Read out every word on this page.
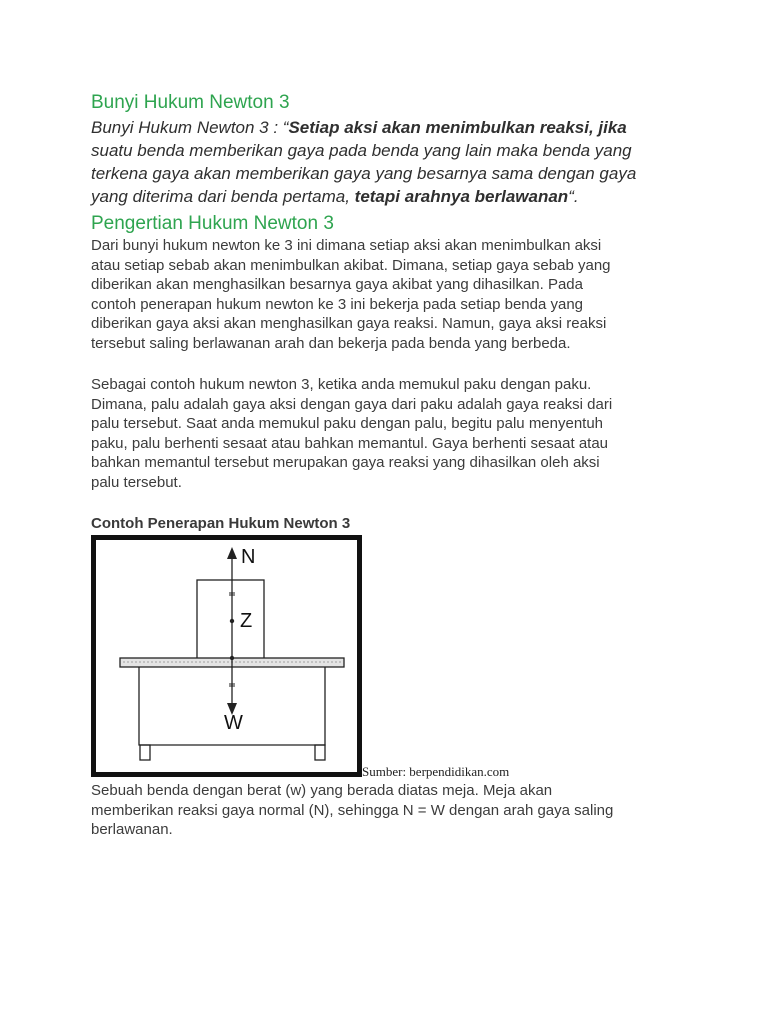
Bunyi Hukum Newton 3

Bunyi Hukum Newton 3 : “Setiap aksi akan menimbulkan reaksi, jika
suatu benda memberikan gaya pada benda yang lain maka benda yang
terkena gaya akan memberikan gaya yang besarnya sama dengan gaya
yang diterima dari benda pertama, tetapi arahnya berlawanan“.

Pengertian Hukum Newton 3

Dari bunyi hukum newton ke 3 ini dimana setiap aksi akan menimbulkan aksi
atau setiap sebab akan menimbulkan akibat. Dimana, setiap gaya sebab yang
diberikan akan menghasilkan besarnya gaya akibat yang dihasilkan. Pada
contoh penerapan hukum newton ke 3 ini bekerja pada setiap benda yang
diberikan gaya aksi akan menghasilkan gaya reaksi. Namun, gaya aksi reaksi
tersebut saling berlawanan arah dan bekerja pada benda yang berbeda.

Sebagai contoh hukum newton 3, ketika anda memukul paku dengan paku.
Dimana, palu adalah gaya aksi dengan gaya dari paku adalah gaya reaksi dari
palu tersebut. Saat anda memukul paku dengan palu, begitu palu menyentuh
paku, palu berhenti sesaat atau bahkan memantul. Gaya berhenti sesaat atau
bahkan memantul tersebut merupakan gaya reaksi yang dihasilkan oleh aksi
palu tersebut.

Contoh Penerapan Hukum Newton 3
N
Z
W
Sumber: berpendidikan.com

Sebuah benda dengan berat (w) yang berada diatas meja. Meja akan
memberikan reaksi gaya normal (N), sehingga N = W dengan arah gaya saling
berlawanan.
